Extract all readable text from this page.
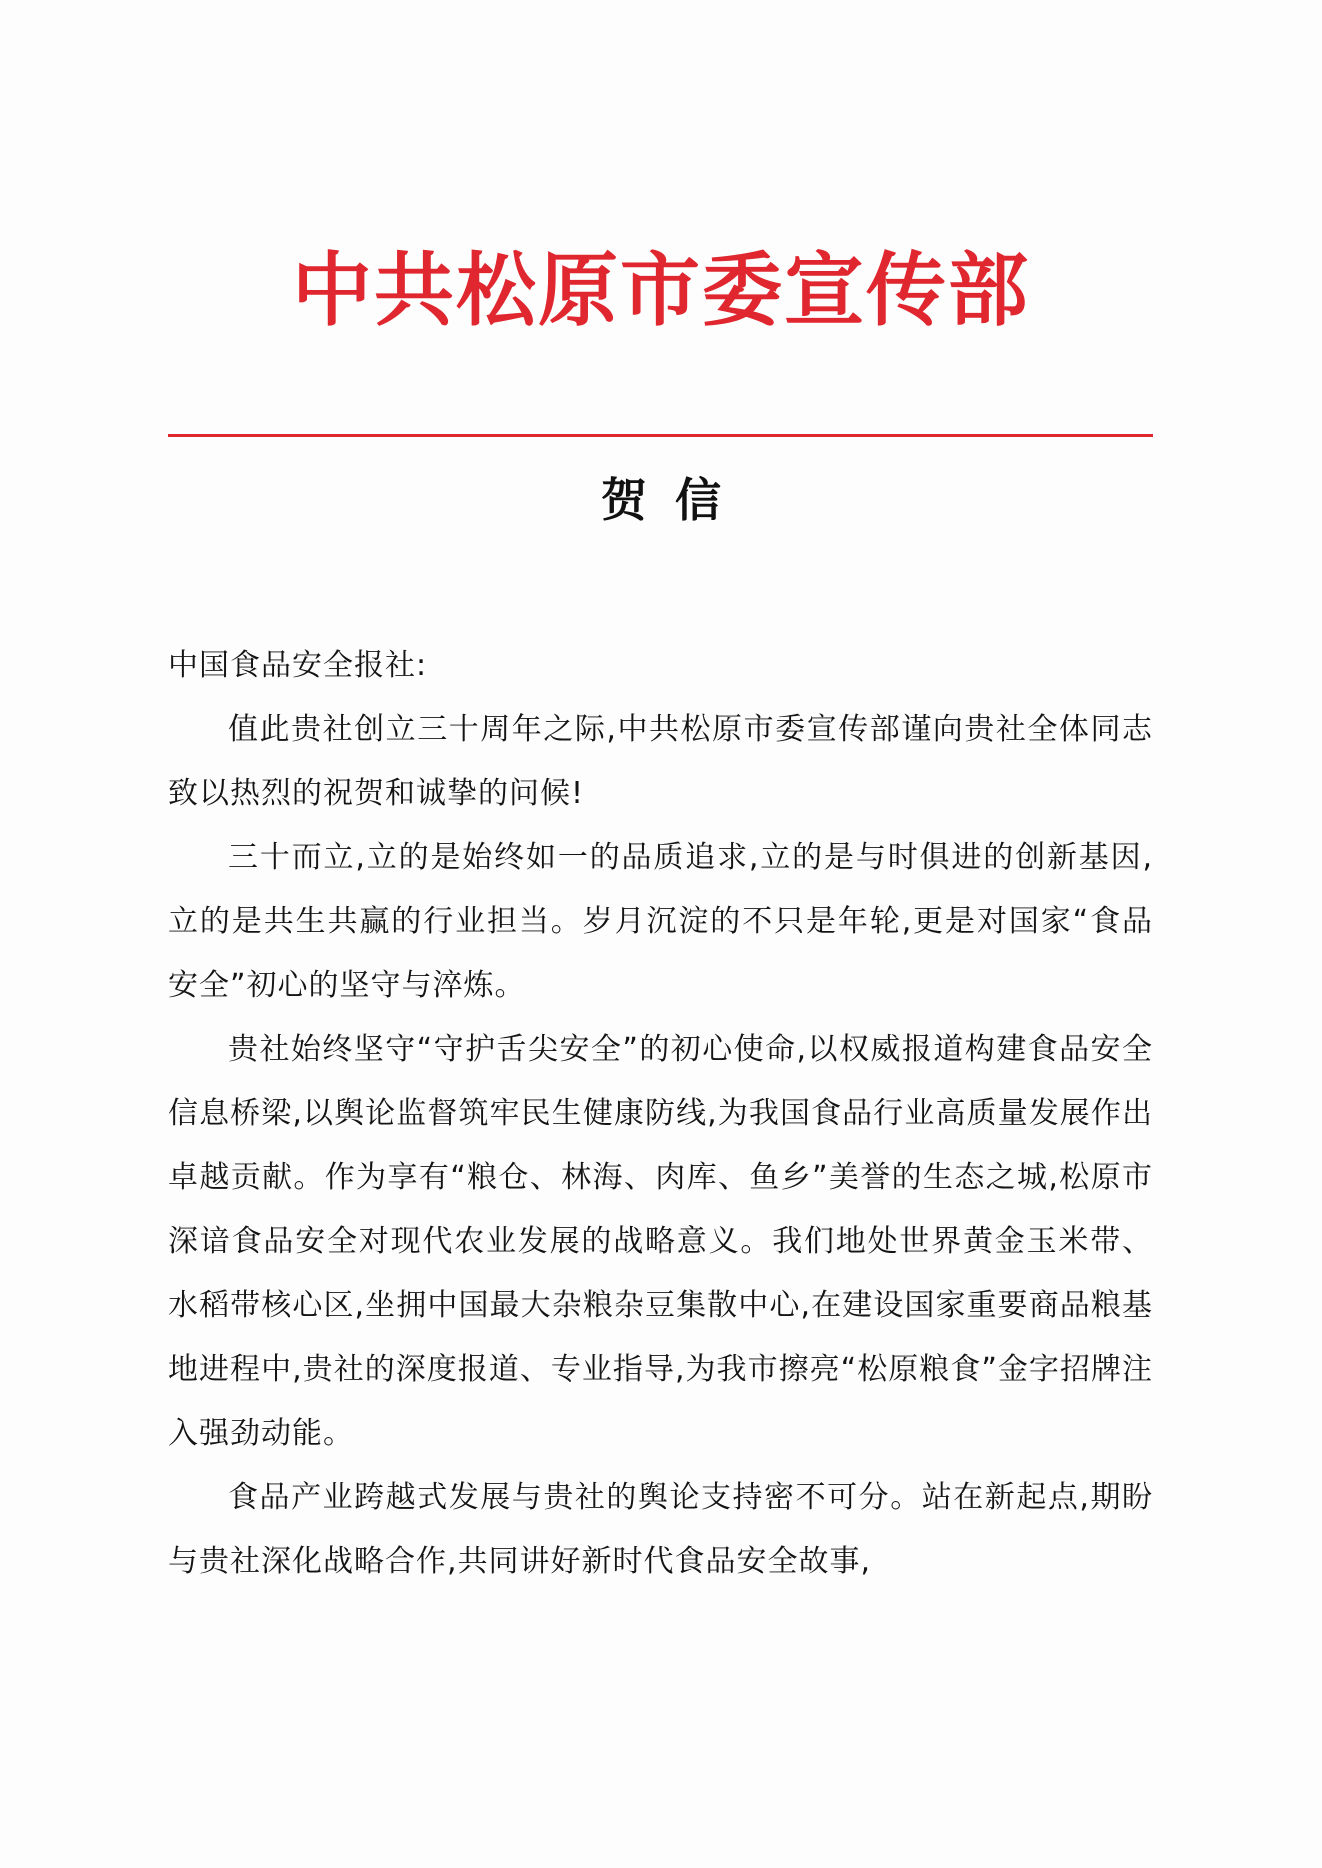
中共松原市委宣传部
贺信

中国食品安全报社:

值此贵社创立三十周年之际,中共松原市委宣传部谨向贵社全体同志致以热烈的祝贺和诚挚的问候!

三十而立,立的是始终如一的品质追求,立的是与时俱进的创新基因,立的是共生共赢的行业担当。岁月沉淀的不只是年轮,更是对国家“食品安全”初心的坚守与淬炼。

贵社始终坚守“守护舌尖安全”的初心使命,以权威报道构建食品安全信息桥梁,以舆论监督筑牢民生健康防线,为我国食品行业高质量发展作出卓越贡献。作为享有“粮仓、林海、肉库、鱼乡”美誉的生态之城,松原市深谙食品安全对现代农业发展的战略意义。我们地处世界黄金玉米带、水稻带核心区,坐拥中国最大杂粮杂豆集散中心,在建设国家重要商品粮基地进程中,贵社的深度报道、专业指导,为我市擦亮“松原粮食”金字招牌注入强劲动能。

食品产业跨越式发展与贵社的舆论支持密不可分。站在新起点,期盼与贵社深化战略合作,共同讲好新时代食品安全故事,
